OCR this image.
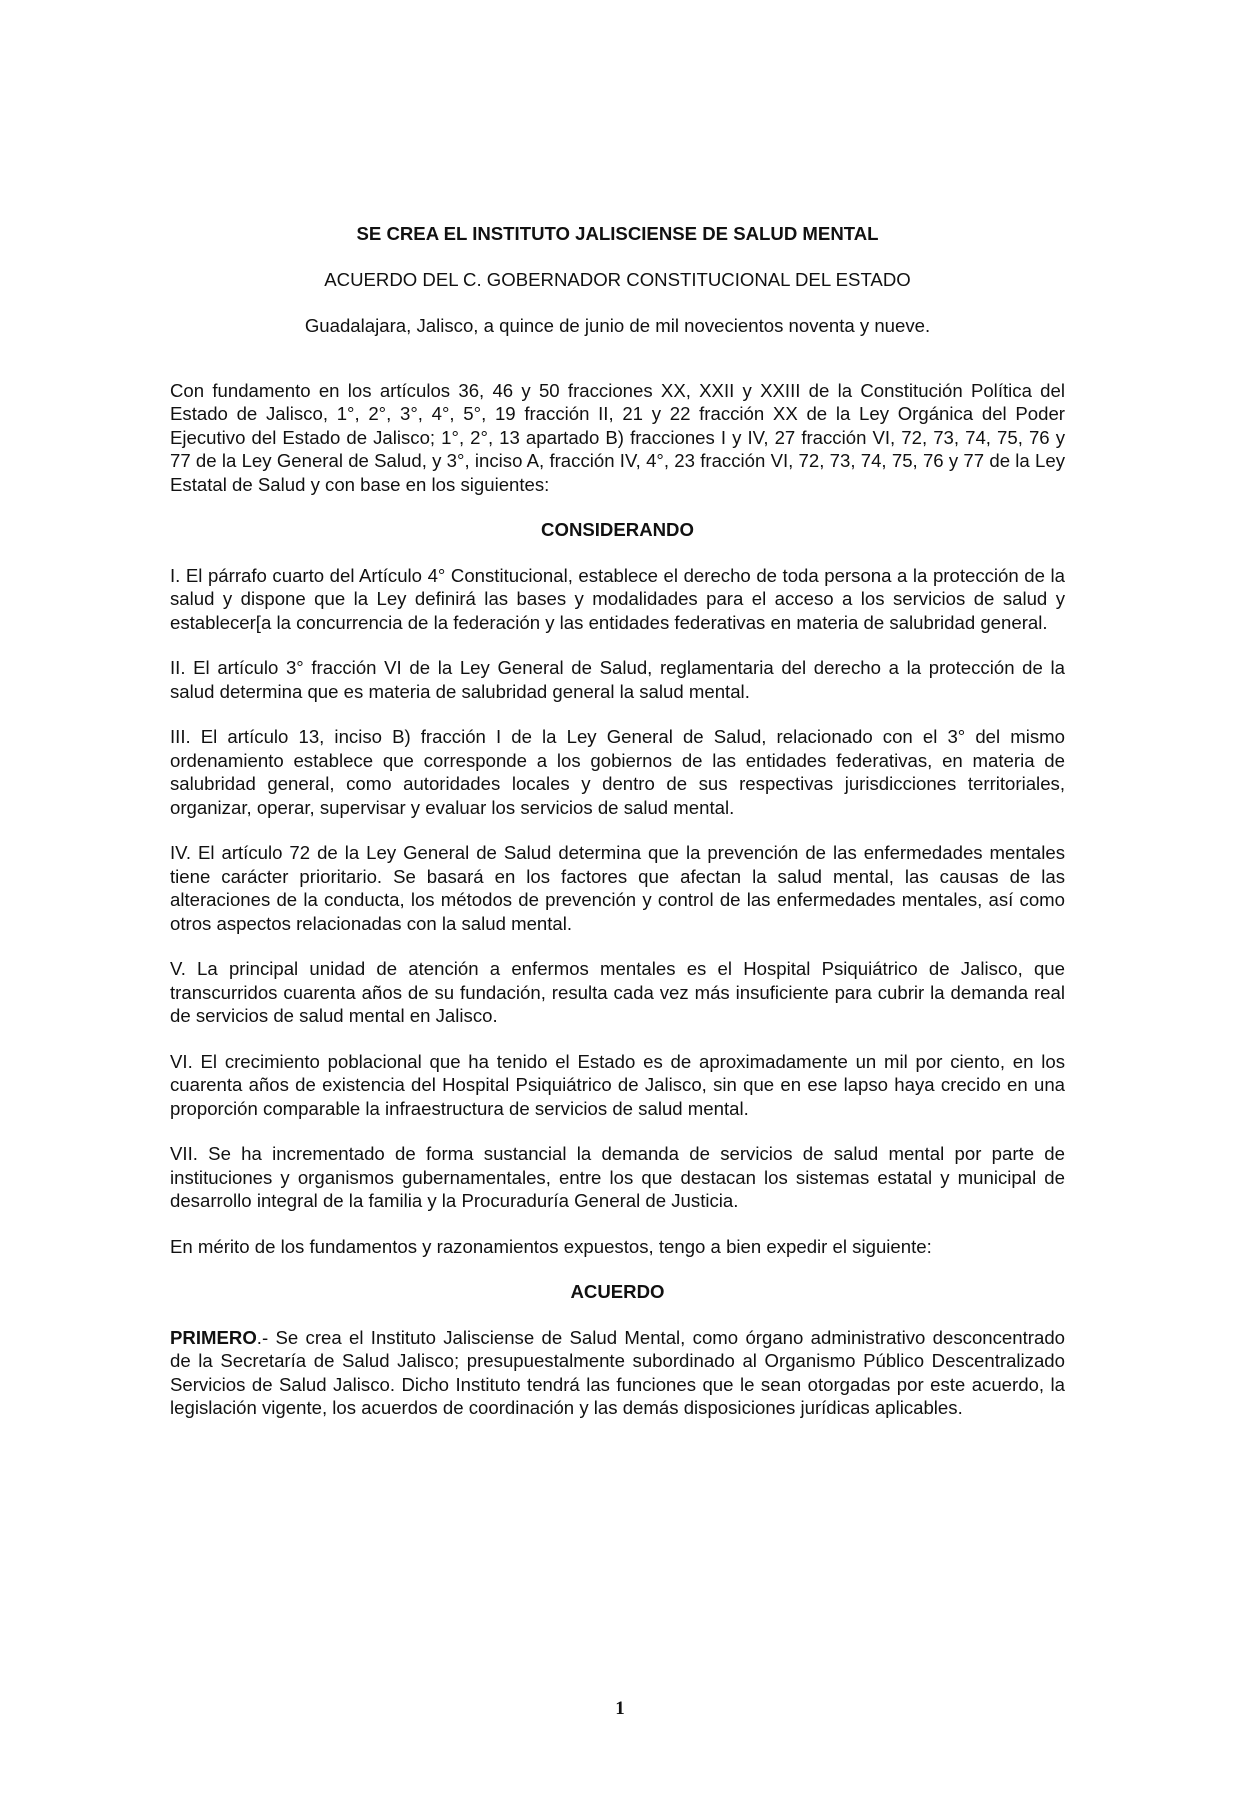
SE CREA EL INSTITUTO JALISCIENSE DE SALUD MENTAL
ACUERDO DEL C. GOBERNADOR CONSTITUCIONAL DEL ESTADO
Guadalajara, Jalisco, a quince de junio de mil novecientos noventa y nueve.

Con fundamento en los artículos 36, 46 y 50 fracciones XX, XXII y XXIII de la Constitución Política del Estado de Jalisco, 1°, 2°, 3°, 4°, 5°, 19 fracción II, 21 y 22 fracción XX de la Ley Orgánica del Poder Ejecutivo del Estado de Jalisco; 1°, 2°, 13 apartado B) fracciones I y IV, 27 fracción VI, 72, 73, 74, 75, 76 y 77 de la Ley General de Salud, y 3°, inciso A, fracción IV, 4°, 23 fracción VI, 72, 73, 74, 75, 76 y 77 de la Ley Estatal de Salud y con base en los siguientes:

CONSIDERANDO

I. El párrafo cuarto del Artículo 4° Constitucional, establece el derecho de toda persona a la protección de la salud y dispone que la Ley definirá las bases y modalidades para el acceso a los servicios de salud y establecer[a la concurrencia de la federación y las entidades federativas en materia de salubridad general.

II. El artículo 3° fracción VI de la Ley General de Salud, reglamentaria del derecho a la protección de la salud determina que es materia de salubridad general la salud mental.

III. El artículo 13, inciso B) fracción I de la Ley General de Salud, relacionado con el 3° del mismo ordenamiento establece que corresponde a los gobiernos de las entidades federativas, en materia de salubridad general, como autoridades locales y dentro de sus respectivas jurisdicciones territoriales, organizar, operar, supervisar y evaluar los servicios de salud mental.

IV. El artículo 72 de la Ley General de Salud determina que la prevención de las enfermedades mentales tiene carácter prioritario. Se basará en los factores que afectan la salud mental, las causas de las alteraciones de la conducta, los métodos de prevención y control de las enfermedades mentales, así como otros aspectos relacionadas con la salud mental.

V. La principal unidad de atención a enfermos mentales es el Hospital Psiquiátrico de Jalisco, que transcurridos cuarenta años de su fundación, resulta cada vez más insuficiente para cubrir la demanda real de servicios de salud mental en Jalisco.

VI. El crecimiento poblacional que ha tenido el Estado es de aproximadamente un mil por ciento, en los cuarenta años de existencia del Hospital Psiquiátrico de Jalisco, sin que en ese lapso haya crecido en una proporción comparable la infraestructura de servicios de salud mental.

VII. Se ha incrementado de forma sustancial la demanda de servicios de salud mental por parte de instituciones y organismos gubernamentales, entre los que destacan los sistemas estatal y municipal de desarrollo integral de la familia y la Procuraduría General de Justicia.

En mérito de los fundamentos y razonamientos expuestos, tengo a bien expedir el siguiente:

ACUERDO

PRIMERO.- Se crea el Instituto Jalisciense de Salud Mental, como órgano administrativo desconcentrado de la Secretaría de Salud Jalisco; presupuestalmente subordinado al Organismo Público Descentralizado Servicios de Salud Jalisco. Dicho Instituto tendrá las funciones que le sean otorgadas por este acuerdo, la legislación vigente, los acuerdos de coordinación y las demás disposiciones jurídicas aplicables.

1
